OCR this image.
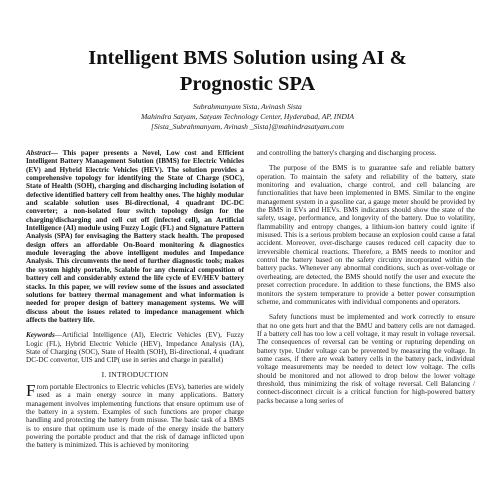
Intelligent BMS Solution using AI &
Prognostic SPA
Subrahmanyam Sista, Avinash Sista
Mahindra Satyam, Satyam Technology Center, Hyderabad, AP, INDIA
[Sista_Subrahmanyam, Avinash _Sista]@mahindrasatyam.com

Abstract— This paper presents a Novel, Low cost and Efficient Intelligent Battery Management Solution (IBMS) for Electric Vehicles (EV) and Hybrid Electric Vehicles (HEV). The solution provides a comprehensive topology for identifying the State of Charge (SOC), State of Health (SOH), charging and discharging including isolation of defective identified battery cell from healthy ones. The highly modular and scalable solution uses Bi-directional, 4 quadrant DC-DC converter; a non-isolated four switch topology design for the charging/discharging and cell cut off (infected cell), an Artificial Intelligence (AI) module using Fuzzy Logic (FL) and Signature Pattern Analysis (SPA) for envisaging the Battery stack health. The proposed design offers an affordable On-Board monitoring & diagnostics module leveraging the above intelligent modules and Impedance Analysis. This circumvents the need of further diagnostic tools; makes the system highly portable, Scalable for any chemical composition of battery cell and considerably extend the life cycle of EV/HEV battery stacks. In this paper, we will review some of the issues and associated solutions for battery thermal management and what information is needed for proper design of battery management systems. We will discuss about the issues related to impedance management which affects the battery life.

Keywords—Artificial Intelligence (AI), Electric Vehicles (EV), Fuzzy Logic (FL), Hybrid Electric Vehicle (HEV), Impedance Analysis (IA), State of Charging (SOC), State of Health (SOH), Bi-directional, 4 quadrant DC-DC convertor, UIS and CIP( use in series and charge in parallel)

I. INTRODUCTION

From portable Electronics to Electric vehicles (EVs), batteries are widely used as a main energy source in many applications. Battery management involves implementing functions that ensure optimum use of the battery in a system. Examples of such functions are proper charge handling and protecting the battery from misuse. The basic task of a BMS is to ensure that optimum use is made of the energy inside the battery powering the portable product and that the risk of damage inflicted upon the battery is minimized. This is achieved by monitoring

and controlling the battery's charging and discharging process.

The purpose of the BMS is to guarantee safe and reliable battery operation. To maintain the safety and reliability of the battery, state monitoring and evaluation, charge control, and cell balancing are functionalities that have been implemented in BMS. Similar to the engine management system in a gasoline car, a gauge meter should be provided by the BMS in EVs and HEVs. BMS indicators should show the state of the safety, usage, performance, and longevity of the battery. Due to volatility, flammability and entropy changes, a lithium-ion battery could ignite if misused. This is a serious problem because an explosion could cause a fatal accident. Moreover, over-discharge causes reduced cell capacity due to irreversible chemical reactions. Therefore, a BMS needs to monitor and control the battery based on the safety circuitry incorporated within the battery packs. Whenever any abnormal conditions, such as over-voltage or overheating, are detected, the BMS should notify the user and execute the preset correction procedure. In addition to these functions, the BMS also monitors the system temperature to provide a better power consumption scheme, and communicates with individual components and operators.

Safety functions must be implemented and work correctly to ensure that no one gets hurt and that the BMU and battery cells are not damaged. If a battery cell has too low a cell voltage, it may result in voltage reversal. The consequences of reversal can be venting or rupturing depending on battery type. Under voltage can be prevented by measuring the voltage. In some cases, if there are weak battery cells in the battery pack, individual voltage measurements may be needed to detect low voltage. The cells should be monitored and not allowed to drop below the lower voltage threshold, thus minimizing the risk of voltage reversal. Cell Balancing / connect-disconnect circuit is a critical function for high-powered battery packs because a long series of
